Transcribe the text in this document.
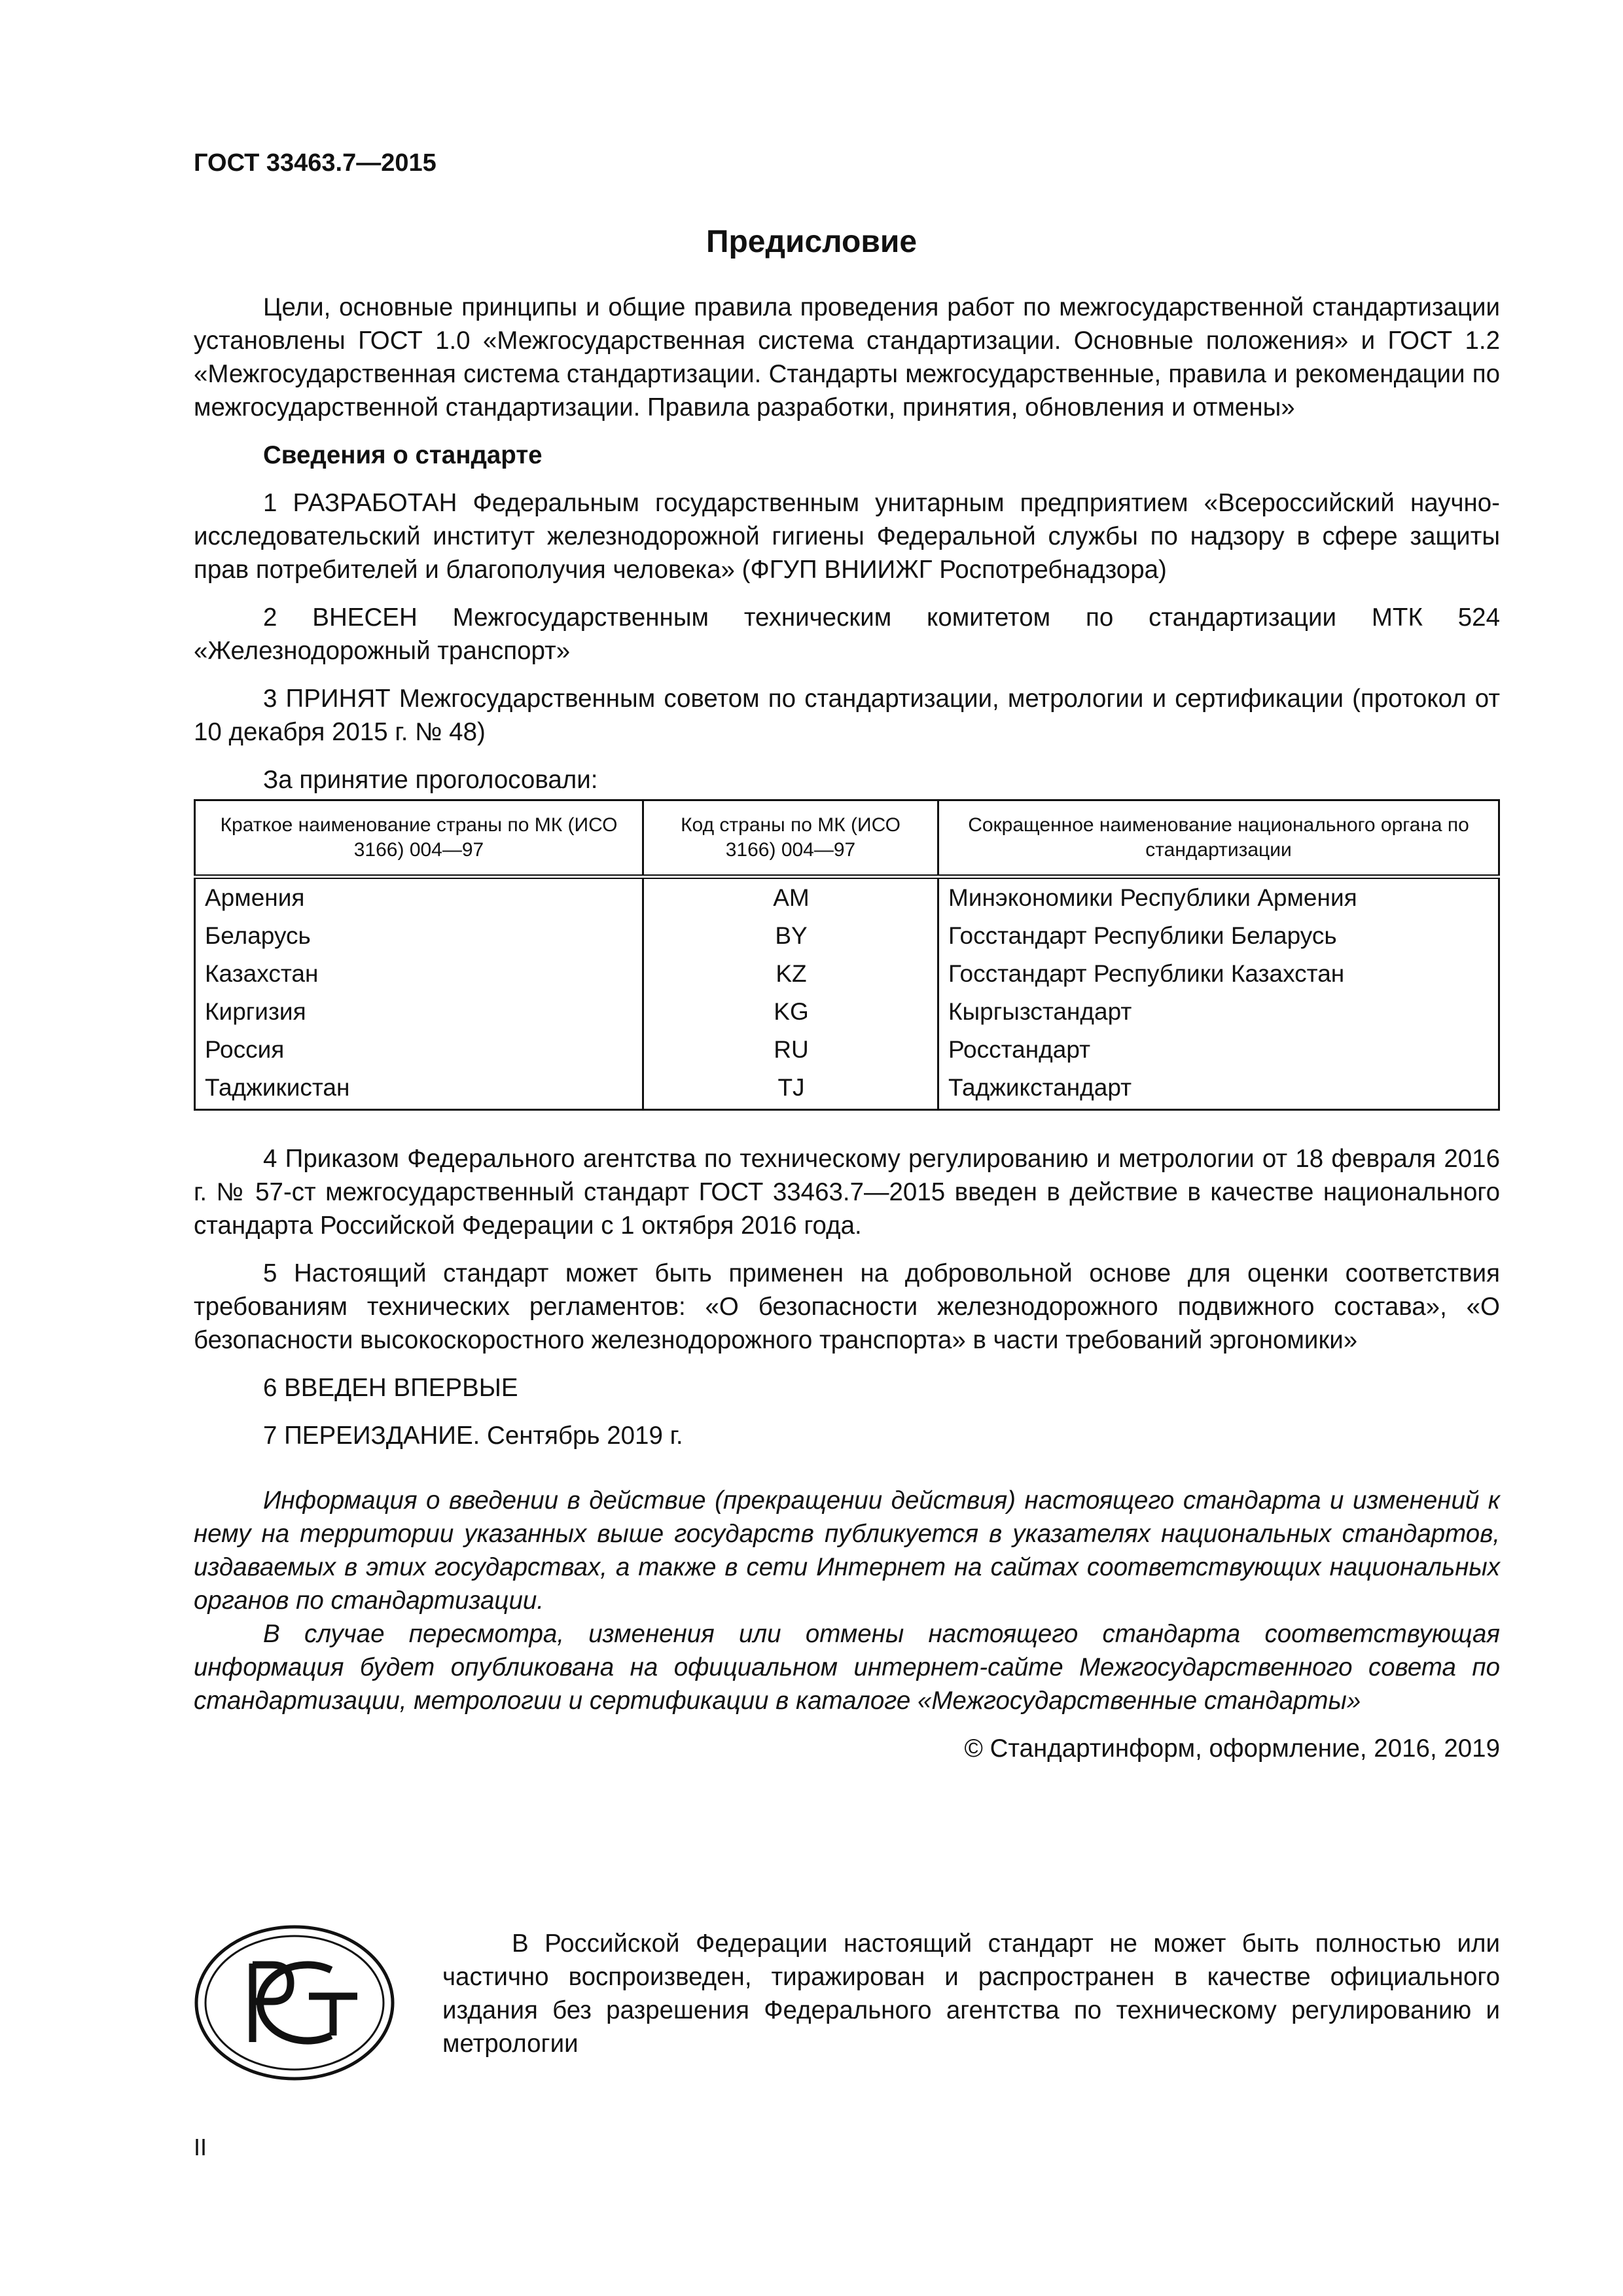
ГОСТ 33463.7—2015
Предисловие

Цели, основные принципы и общие правила проведения работ по межгосударственной стандартизации установлены ГОСТ 1.0 «Межгосударственная система стандартизации. Основные положения» и ГОСТ 1.2 «Межгосударственная система стандартизации. Стандарты межгосударственные, правила и рекомендации по межгосударственной стандартизации. Правила разработки, принятия, обновления и отмены»

Сведения о стандарте

1 РАЗРАБОТАН Федеральным государственным унитарным предприятием «Всероссийский научно-исследовательский институт железнодорожной гигиены Федеральной службы по надзору в сфере защиты прав потребителей и благополучия человека» (ФГУП ВНИИЖГ Роспотребнадзора)

2 ВНЕСЕН Межгосударственным техническим комитетом по стандартизации МТК 524 «Железнодорожный транспорт»

3 ПРИНЯТ Межгосударственным советом по стандартизации, метрологии и сертификации (протокол от 10 декабря 2015 г. № 48)

За принятие проголосовали:

Краткое наименование страны по МК (ИСО 3166) 004—97	Код страны по МК (ИСО 3166) 004—97	Сокращенное наименование национального органа по стандартизации
Армения	AM	Минэкономики Республики Армения
Беларусь	BY	Госстандарт Республики Беларусь
Казахстан	KZ	Госстандарт Республики Казахстан
Киргизия	KG	Кыргызстандарт
Россия	RU	Росстандарт
Таджикистан	TJ	Таджикстандарт

4 Приказом Федерального агентства по техническому регулированию и метрологии от 18 февраля 2016 г. № 57-ст межгосударственный стандарт ГОСТ 33463.7—2015 введен в действие в качестве национального стандарта Российской Федерации с 1 октября 2016 года.

5 Настоящий стандарт может быть применен на добровольной основе для оценки соответствия требованиям технических регламентов: «О безопасности железнодорожного подвижного состава», «О безопасности высокоскоростного железнодорожного транспорта» в части требований эргономики»

6 ВВЕДЕН ВПЕРВЫЕ

7 ПЕРЕИЗДАНИЕ. Сентябрь 2019 г.

Информация о введении в действие (прекращении действия) настоящего стандарта и изменений к нему на территории указанных выше государств публикуется в указателях национальных стандартов, издаваемых в этих государствах, а также в сети Интернет на сайтах соответствующих национальных органов по стандартизации.

В случае пересмотра, изменения или отмены настоящего стандарта соответствующая информация будет опубликована на официальном интернет-сайте Межгосударственного совета по стандартизации, метрологии и сертификации в каталоге «Межгосударственные стандарты»

© Стандартинформ, оформление, 2016, 2019

В Российской Федерации настоящий стандарт не может быть полностью или частично воспроизведен, тиражирован и распространен в качестве официального издания без разрешения Федерального агентства по техническому регулированию и метрологии

II
